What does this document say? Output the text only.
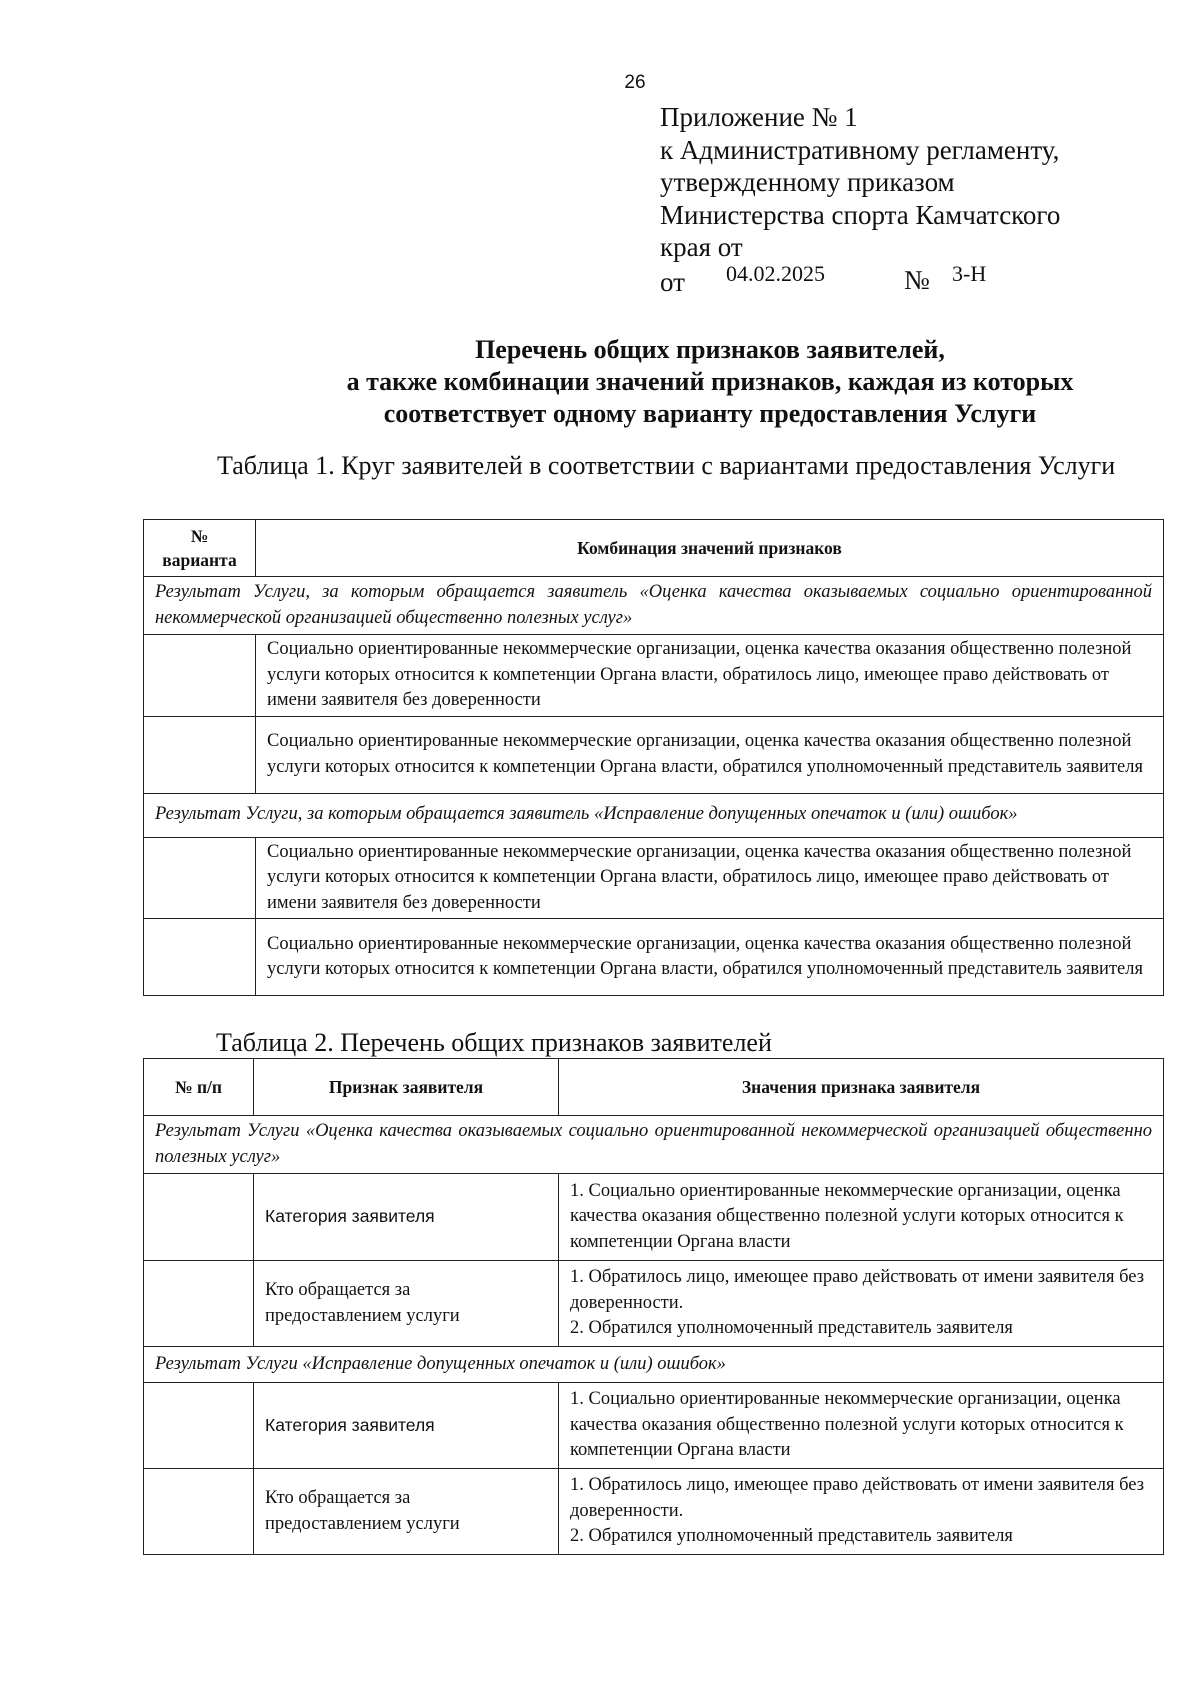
26
Приложение № 1
к Административному регламенту,
утвержденному приказом
Министерства спорта Камчатского
края от
от 04.02.2025	№ 3-Н
Перечень общих признаков заявителей,
а также комбинации значений признаков, каждая из которых
соответствует одному варианту предоставления Услуги
Таблица 1. Круг заявителей в соответствии с вариантами предоставления Услуги
№ варианта	Комбинация значений признаков
Результат Услуги, за которым обращается заявитель «Оценка качества оказываемых социально ориентированной некоммерческой организацией общественно полезных услуг»	
	Социально ориентированные некоммерческие организации, оценка качества оказания общественно полезной услуги которых относится к компетенции Органа власти, обратилось лицо, имеющее право действовать от имени заявителя без доверенности
	Социально ориентированные некоммерческие организации, оценка качества оказания общественно полезной услуги которых относится к компетенции Органа власти, обратился уполномоченный представитель заявителя
Результат Услуги, за которым обращается заявитель «Исправление допущенных опечаток и (или) ошибок»	
	Социально ориентированные некоммерческие организации, оценка качества оказания общественно полезной услуги которых относится к компетенции Органа власти, обратилось лицо, имеющее право действовать от имени заявителя без доверенности
	Социально ориентированные некоммерческие организации, оценка качества оказания общественно полезной услуги которых относится к компетенции Органа власти, обратился уполномоченный представитель заявителя
Таблица 2. Перечень общих признаков заявителей
№ п/п	Признак заявителя	Значения признака заявителя
Результат Услуги «Оценка качества оказываемых социально ориентированной некоммерческой организацией общественно полезных услуг»		
	Категория заявителя	1. Социально ориентированные некоммерческие организации, оценка качества оказания общественно полезной услуги которых относится к компетенции Органа власти
	Кто обращается за предоставлением услуги	1. Обратилось лицо, имеющее право действовать от имени заявителя без доверенности.
2. Обратился уполномоченный представитель заявителя
Результат Услуги «Исправление допущенных опечаток и (или) ошибок»		
	Категория заявителя	1. Социально ориентированные некоммерческие организации, оценка качества оказания общественно полезной услуги которых относится к компетенции Органа власти
	Кто обращается за предоставлением услуги	1. Обратилось лицо, имеющее право действовать от имени заявителя без доверенности.
2. Обратился уполномоченный представитель заявителя
